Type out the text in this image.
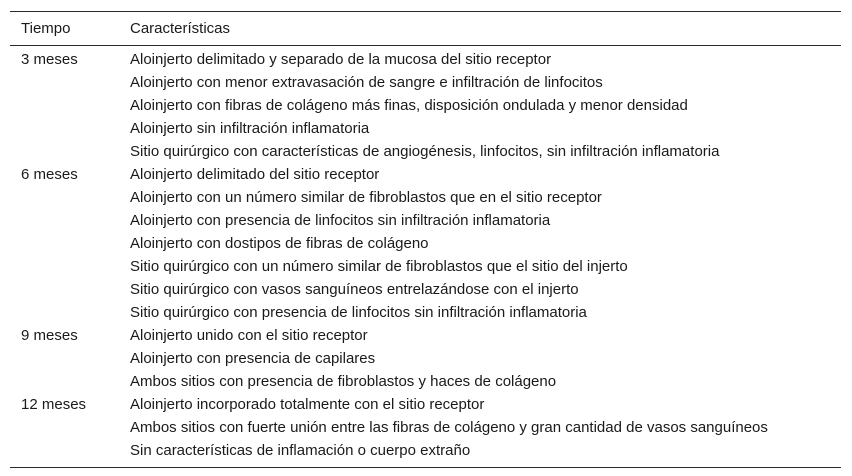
Tiempo	Características
3 meses	Aloinjerto delimitado y separado de la mucosa del sitio receptor
Aloinjerto con menor extravasación de sangre e infiltración de linfocitos
Aloinjerto con fibras de colágeno más finas, disposición ondulada y menor densidad
Aloinjerto sin infiltración inflamatoria
Sitio quirúrgico con características de angiogénesis, linfocitos, sin infiltración inflamatoria
6 meses	Aloinjerto delimitado del sitio receptor
Aloinjerto con un número similar de fibroblastos que en el sitio receptor
Aloinjerto con presencia de linfocitos sin infiltración inflamatoria
Aloinjerto con dostipos de fibras de colágeno
Sitio quirúrgico con un número similar de fibroblastos que el sitio del injerto
Sitio quirúrgico con vasos sanguíneos entrelazándose con el injerto
Sitio quirúrgico con presencia de linfocitos sin infiltración inflamatoria
9 meses	Aloinjerto unido con el sitio receptor
Aloinjerto con presencia de capilares
Ambos sitios con presencia de fibroblastos y haces de colágeno
12 meses	Aloinjerto incorporado totalmente con el sitio receptor
Ambos sitios con fuerte unión entre las fibras de colágeno y gran cantidad de vasos sanguíneos
Sin características de inflamación o cuerpo extraño
